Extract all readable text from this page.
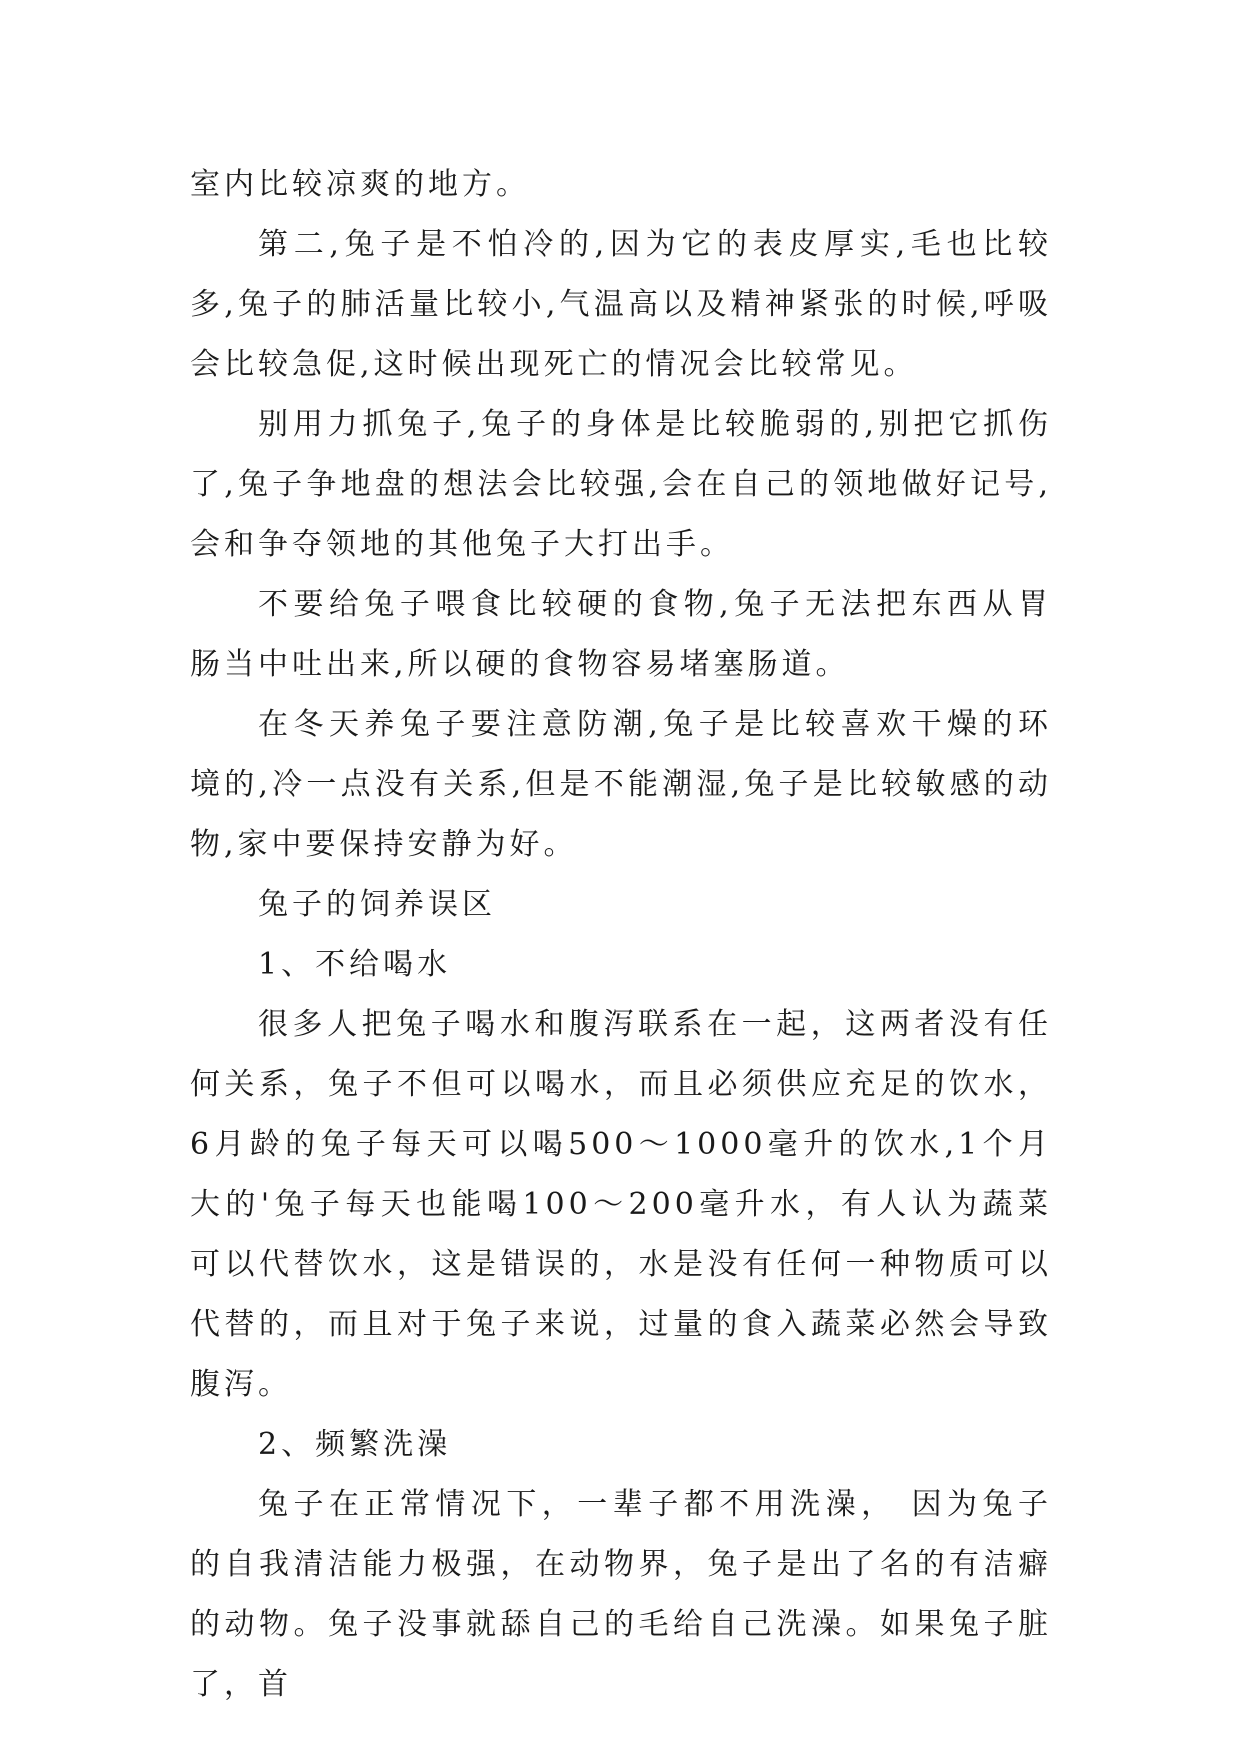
室内比较凉爽的地方。

第二,兔子是不怕冷的,因为它的表皮厚实,毛也比较多,兔子的肺活量比较小,气温高以及精神紧张的时候,呼吸会比较急促,这时候出现死亡的情况会比较常见。

别用力抓兔子,兔子的身体是比较脆弱的,别把它抓伤了,兔子争地盘的想法会比较强,会在自己的领地做好记号,会和争夺领地的其他兔子大打出手。

不要给兔子喂食比较硬的食物,兔子无法把东西从胃肠当中吐出来,所以硬的食物容易堵塞肠道。

在冬天养兔子要注意防潮,兔子是比较喜欢干燥的环境的,冷一点没有关系,但是不能潮湿,兔子是比较敏感的动物,家中要保持安静为好。

兔子的饲养误区

1、不给喝水

很多人把兔子喝水和腹泻联系在一起，这两者没有任何关系，兔子不但可以喝水，而且必须供应充足的饮水，6月龄的兔子每天可以喝500～1000毫升的饮水,1个月大的'兔子每天也能喝100～200毫升水，有人认为蔬菜可以代替饮水，这是错误的，水是没有任何一种物质可以代替的，而且对于兔子来说，过量的食入蔬菜必然会导致腹泻。

2、频繁洗澡

兔子在正常情况下，一辈子都不用洗澡， 因为兔子的自我清洁能力极强，在动物界，兔子是出了名的有洁癖的动物。兔子没事就舔自己的毛给自己洗澡。如果兔子脏了，首
